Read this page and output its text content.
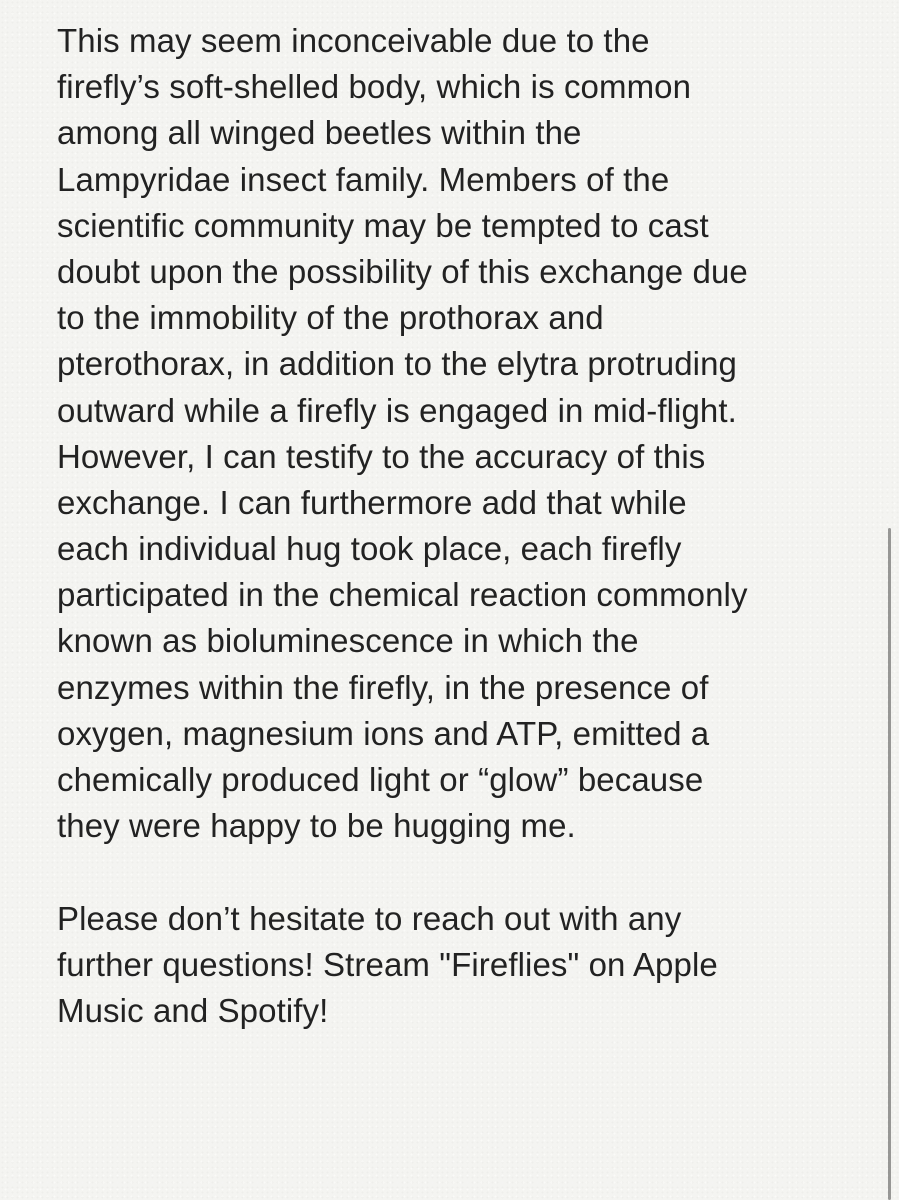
This may seem inconceivable due to the
firefly’s soft-shelled body, which is common
among all winged beetles within the
Lampyridae insect family. Members of the
scientific community may be tempted to cast
doubt upon the possibility of this exchange due
to the immobility of the prothorax and
pterothorax, in addition to the elytra protruding
outward while a firefly is engaged in mid-flight.
However, I can testify to the accuracy of this
exchange. I can furthermore add that while
each individual hug took place, each firefly
participated in the chemical reaction commonly
known as bioluminescence in which the
enzymes within the firefly, in the presence of
oxygen, magnesium ions and ATP, emitted a
chemically produced light or “glow” because
they were happy to be hugging me.
Please don’t hesitate to reach out with any
further questions! Stream "Fireflies" on Apple
Music and Spotify!
